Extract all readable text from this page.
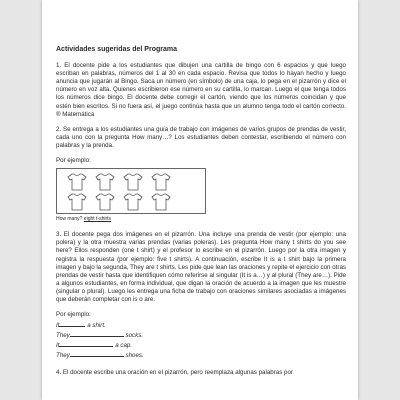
Actividades sugeridas del Programa

1. El docente pide a los estudiantes que dibujen una cartilla de bingo con 6 espacios y que luego escriban en palabras, números del 1 al 30 en cada espacio. Revisa que todos lo hayan hecho y luego anuncia que jugarán al Bingo. Saca un número (en símbolo) de una caja, lo pega en el pizarrón y dice el número en voz alta. Quienes escribieron ese número en su cartilla, lo marcan. Luego el que tenga todos los números dice bingo. El docente debe corregir el cartón, viendo que los números coincidan y que estén bien escritos. Si no fuera así, el juego continúa hasta que un alumno tenga todo el cartón correcto. ® Matemática

2. Se entrega a los estudiantes una guía de trabajo con imágenes de varios grupos de prendas de vestir, cada uno con la pregunta How many…? Los estudiantes deben contestar, escribiendo el número con palabras y la prenda.

Por ejemplo:

How many? eight t-shirts

3. El docente pega dos imágenes en el pizarrón. Una incluye una prenda de vestir (por ejemplo: una polera) y la otra muestra varias prendas (varias poleras). Les pregunta How many t shirts do you see here? Ellos responden (one t shirt) y el profesor lo escribe en el pizarrón. Luego por la otra imagen y registra la respuesta (por ejemplo: five t shirts). A continuación, escribe It is a t shirt bajo la primera imagen y bajo la segunda, They are t shirts. Les pide que lean las oraciones y repite el ejercicio con otras prendas de vestir hasta que identifiquen cómo referirse al singular (It is a…) y al plural (They are…). Pide a algunos estudiantes, en forma individual, que digan la oración de acuerdo a la imagen que les muestre (singular o plural). Luego les entrega una ficha de trabajo con oraciones similares asociadas a imágenes que deberán completar con is o are.

Por ejemplo:

It	a shirt.

They	socks.

It	a cap.

They	shoes.

4. El docente escribe una oración en el pizarrón, pero reemplaza algunas palabras por
